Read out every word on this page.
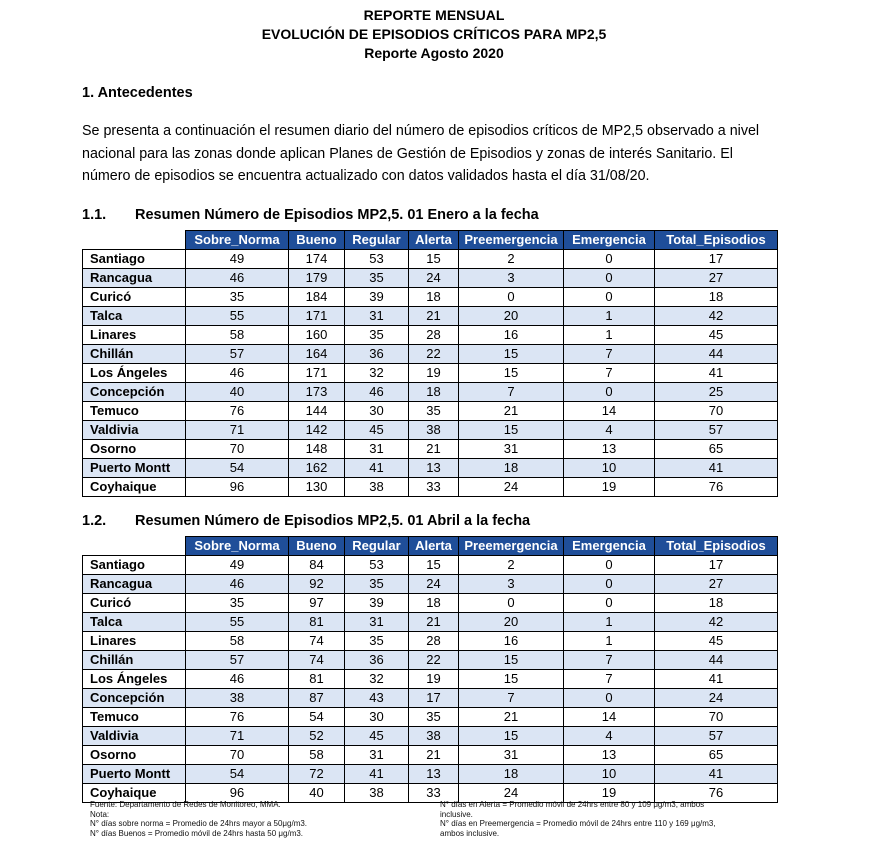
REPORTE MENSUAL
EVOLUCIÓN DE EPISODIOS CRÍTICOS PARA MP2,5
Reporte Agosto 2020
1. Antecedentes
Se presenta a continuación el resumen diario del número de episodios críticos de MP2,5 observado a nivel nacional para las zonas donde aplican Planes de Gestión de Episodios y zonas de interés Sanitario. El número de episodios se encuentra actualizado con datos validados hasta el día 31/08/20.
1.1. Resumen Número de Episodios MP2,5. 01 Enero a la fecha
	Sobre_Norma	Bueno	Regular	Alerta	Preemergencia	Emergencia	Total_Episodios
Santiago	49	174	53	15	2	0	17
Rancagua	46	179	35	24	3	0	27
Curicó	35	184	39	18	0	0	18
Talca	55	171	31	21	20	1	42
Linares	58	160	35	28	16	1	45
Chillán	57	164	36	22	15	7	44
Los Ángeles	46	171	32	19	15	7	41
Concepción	40	173	46	18	7	0	25
Temuco	76	144	30	35	21	14	70
Valdivia	71	142	45	38	15	4	57
Osorno	70	148	31	21	31	13	65
Puerto Montt	54	162	41	13	18	10	41
Coyhaique	96	130	38	33	24	19	76
1.2. Resumen Número de Episodios MP2,5. 01 Abril a la fecha
	Sobre_Norma	Bueno	Regular	Alerta	Preemergencia	Emergencia	Total_Episodios
Santiago	49	84	53	15	2	0	17
Rancagua	46	92	35	24	3	0	27
Curicó	35	97	39	18	0	0	18
Talca	55	81	31	21	20	1	42
Linares	58	74	35	28	16	1	45
Chillán	57	74	36	22	15	7	44
Los Ángeles	46	81	32	19	15	7	41
Concepción	38	87	43	17	7	0	24
Temuco	76	54	30	35	21	14	70
Valdivia	71	52	45	38	15	4	57
Osorno	70	58	31	21	31	13	65
Puerto Montt	54	72	41	13	18	10	41
Coyhaique	96	40	38	33	24	19	76
Fuente: Departamento de Redes de Monitoreo, MMA.
Nota:
N° días sobre norma = Promedio de 24hrs mayor a 50μg/m3.
N° días Buenos = Promedio móvil de 24hrs hasta 50 μg/m3.
N° días en Alerta = Promedio móvil de 24hrs entre 80 y 109 μg/m3, ambos
inclusive.
N° días en Preemergencia = Promedio móvil de 24hrs entre 110 y 169 μg/m3,
ambos inclusive.
